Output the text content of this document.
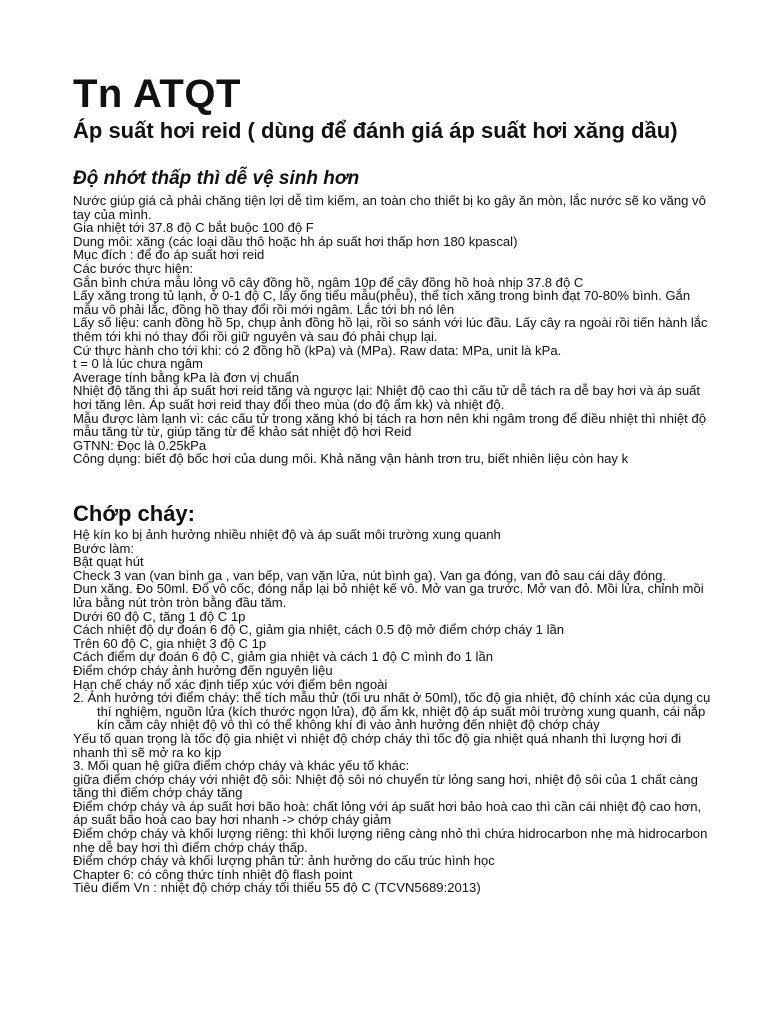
Tn ATQT
Áp suất hơi reid ( dùng để đánh giá áp suất hơi xăng dầu)
Độ nhớt thấp thì dễ vệ sinh hơn

Nước giúp giá cả phải chăng tiện lợi dễ tìm kiếm, an toàn cho thiết bị ko gây ăn mòn, lắc nước sẽ ko văng vô tay của mình.

Gia nhiệt tới 37.8 độ C bắt buộc 100 độ F

Dung môi: xăng (các loại dầu thô hoặc hh áp suất hơi thấp hơn 180 kpascal)

Mục đích : để đo áp suất hơi reid

Các bước thực hiện:

Gắn bình chứa mẫu lỏng vô cây đồng hồ, ngâm 10p để cây đồng hồ hoà nhịp 37.8 độ C

Lấy xăng trong tủ lạnh, ở 0-1 độ C, lấy ống tiểu mẫu(phễu), thể tích xăng trong bình đạt 70-80% bình. Gắn mẫu vô phải lắc, đồng hồ thay đổi rồi mới ngâm. Lắc tới bh nó lên

Lấy số liệu: canh đồng hồ 5p, chụp ảnh đồng hồ lại, rồi so sánh với lúc đầu. Lấy cây ra ngoài rồi tiến hành lắc thêm tới khi nó thay đổi rồi giữ nguyên và sau đó phải chụp lại.

Cứ thực hành cho tới khi: có 2 đồng hồ (kPa) và (MPa). Raw data: MPa, unit là kPa.

t = 0 là lúc chưa ngâm

Average tính bằng kPa là đơn vị chuẩn

Nhiệt độ tăng thì áp suất hơi reid tăng và ngược lại: Nhiệt độ cao thì cấu tử dễ tách ra dễ bay hơi và áp suất hơi tăng lên. Áp suất hơi reid thay đổi theo mùa (do độ ẩm kk) và nhiệt độ.

Mẫu được làm lạnh vì: các cấu tử trong xăng khó bị tách ra hơn nên khi ngâm trong để điều nhiệt thì nhiệt độ mẫu tăng từ từ, giúp tăng từ để khảo sát nhiệt độ hơi Reid

GTNN: Đọc là 0.25kPa

Công dụng: biết độ bốc hơi của dung môi. Khả năng vận hành trơn tru, biết nhiên liệu còn hay k

Chớp cháy:

Hệ kín ko bị ảnh hưởng nhiều nhiệt độ và áp suất môi trường xung quanh

Bước làm:

Bật quạt hút

Check 3 van (van bình ga , van bếp, van vặn lửa, nút bình ga). Van ga đóng, van đỏ sau cái dây đóng.

Dun xăng. Đo 50ml. Đổ vô cốc, đóng nắp lại bỏ nhiệt kế vô. Mở van ga trước. Mở van đỏ. Mồi lửa, chỉnh mồi lửa bằng nút tròn tròn bằng đầu tăm.

Dưới 60 độ C, tăng 1 độ C 1p

Cách nhiệt độ dự đoán 6 độ C, giảm gia nhiệt, cách 0.5 độ mở điểm chớp cháy 1 lần

Trên 60 độ C, gia nhiệt 3 độ C 1p

Cách điểm dự đoán 6 độ C, giảm gia nhiệt và cách 1 độ C mình đo 1 lần

Điểm chớp cháy ảnh hưởng đến nguyên liệu

Hạn chế cháy nổ xác định tiếp xúc với điểm bên ngoài

2. Ảnh hưởng tới điểm cháy: thể tích mẫu thử (tối ưu nhất ở 50ml), tốc độ gia nhiệt, độ chính xác của dụng cụ thí nghiệm, nguồn lửa (kích thước ngọn lửa), độ ẩm kk, nhiệt độ áp suất môi trường xung quanh, cái nắp kín cắm cây nhiệt độ vô thì có thể không khí đi vào ảnh hưởng đến nhiệt độ chớp cháy

Yếu tố quan trọng là tốc độ gia nhiệt vì nhiệt độ chớp cháy thì tốc độ gia nhiệt quá nhanh thì lượng hơi đi nhanh thì sẽ mở ra ko kịp

3. Mối quan hệ giữa điểm chớp cháy và khác yếu tố khác:

giữa điểm chớp cháy với nhiệt độ sôi: Nhiệt độ sôi nó chuyển từ lỏng sang hơi, nhiệt độ sôi của 1 chất càng tăng thì điểm chớp cháy tăng

Điểm chớp cháy và áp suất hơi bão hoà: chất lỏng với áp suất hơi bảo hoà cao thì cần cái nhiệt độ cao hơn, áp suất bão hoà cao bay hơi nhanh -> chớp cháy giảm

Điểm chớp cháy và khối lượng riêng: thì khối lượng riêng càng nhỏ thì chứa hidrocarbon nhẹ mà hidrocarbon nhẹ dễ bay hơi thì điểm chớp cháy thấp.

Điểm chớp cháy và khối lượng phân tử: ảnh hưởng do cấu trúc hình học

Chapter 6: có công thức tính nhiệt độ flash point

Tiêu điểm Vn : nhiệt độ chớp cháy tối thiểu 55 độ C (TCVN5689:2013)
